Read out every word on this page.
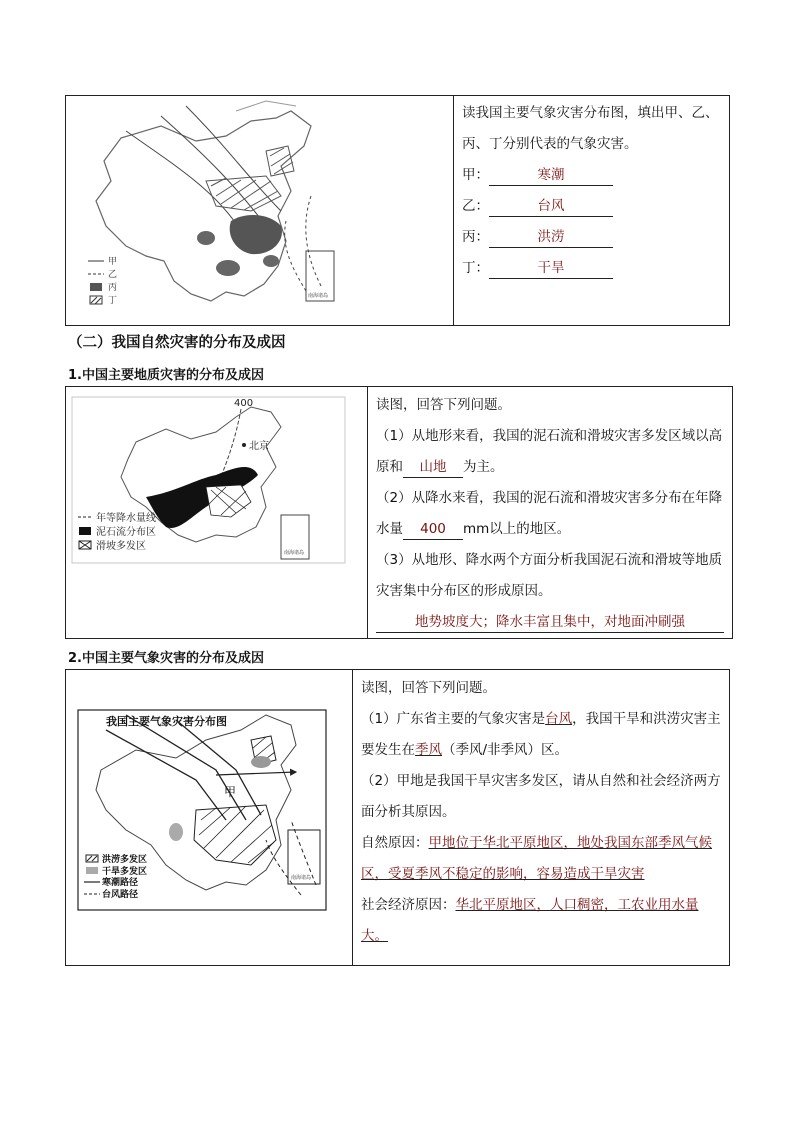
甲
乙
丙
丁	南海诸岛

读我国主要气象灾害分布图，填出甲、乙、丙、丁分别代表的气象灾害。

甲：	寒潮

乙：	台风

丙：	洪涝

丁：	干旱

（二）我国自然灾害的分布及成因
1.中国主要地质灾害的分布及成因
400
北京
年等降水量线
泥石流分布区
滑坡多发区
南海诸岛

读图，回答下列问题。

（1）从地形来看，我国的泥石流和滑坡灾害多发区域以高原和 山地 为主。

（2）从降水来看，我国的泥石流和滑坡灾害多分布在年降水量 400 mm以上的地区。

（3）从地形、降水两个方面分析我国泥石流和滑坡等地质灾害集中分布区的形成原因。

地势坡度大；降水丰富且集中，对地面冲刷强

2.中国主要气象灾害的分布及成因
我国主要气象灾害分布图
甲
洪涝多发区
干旱多发区
寒潮路径
台风路径
南海诸岛

读图，回答下列问题。

（1）广东省主要的气象灾害是台风，我国干旱和洪涝灾害主要发生在季风（季风/非季风）区。

（2）甲地是我国干旱灾害多发区，请从自然和社会经济两方面分析其原因。

自然原因：甲地位于华北平原地区，地处我国东部季风气候区，受夏季风不稳定的影响，容易造成干旱灾害

社会经济原因：华北平原地区，人口稠密，工农业用水量大。
